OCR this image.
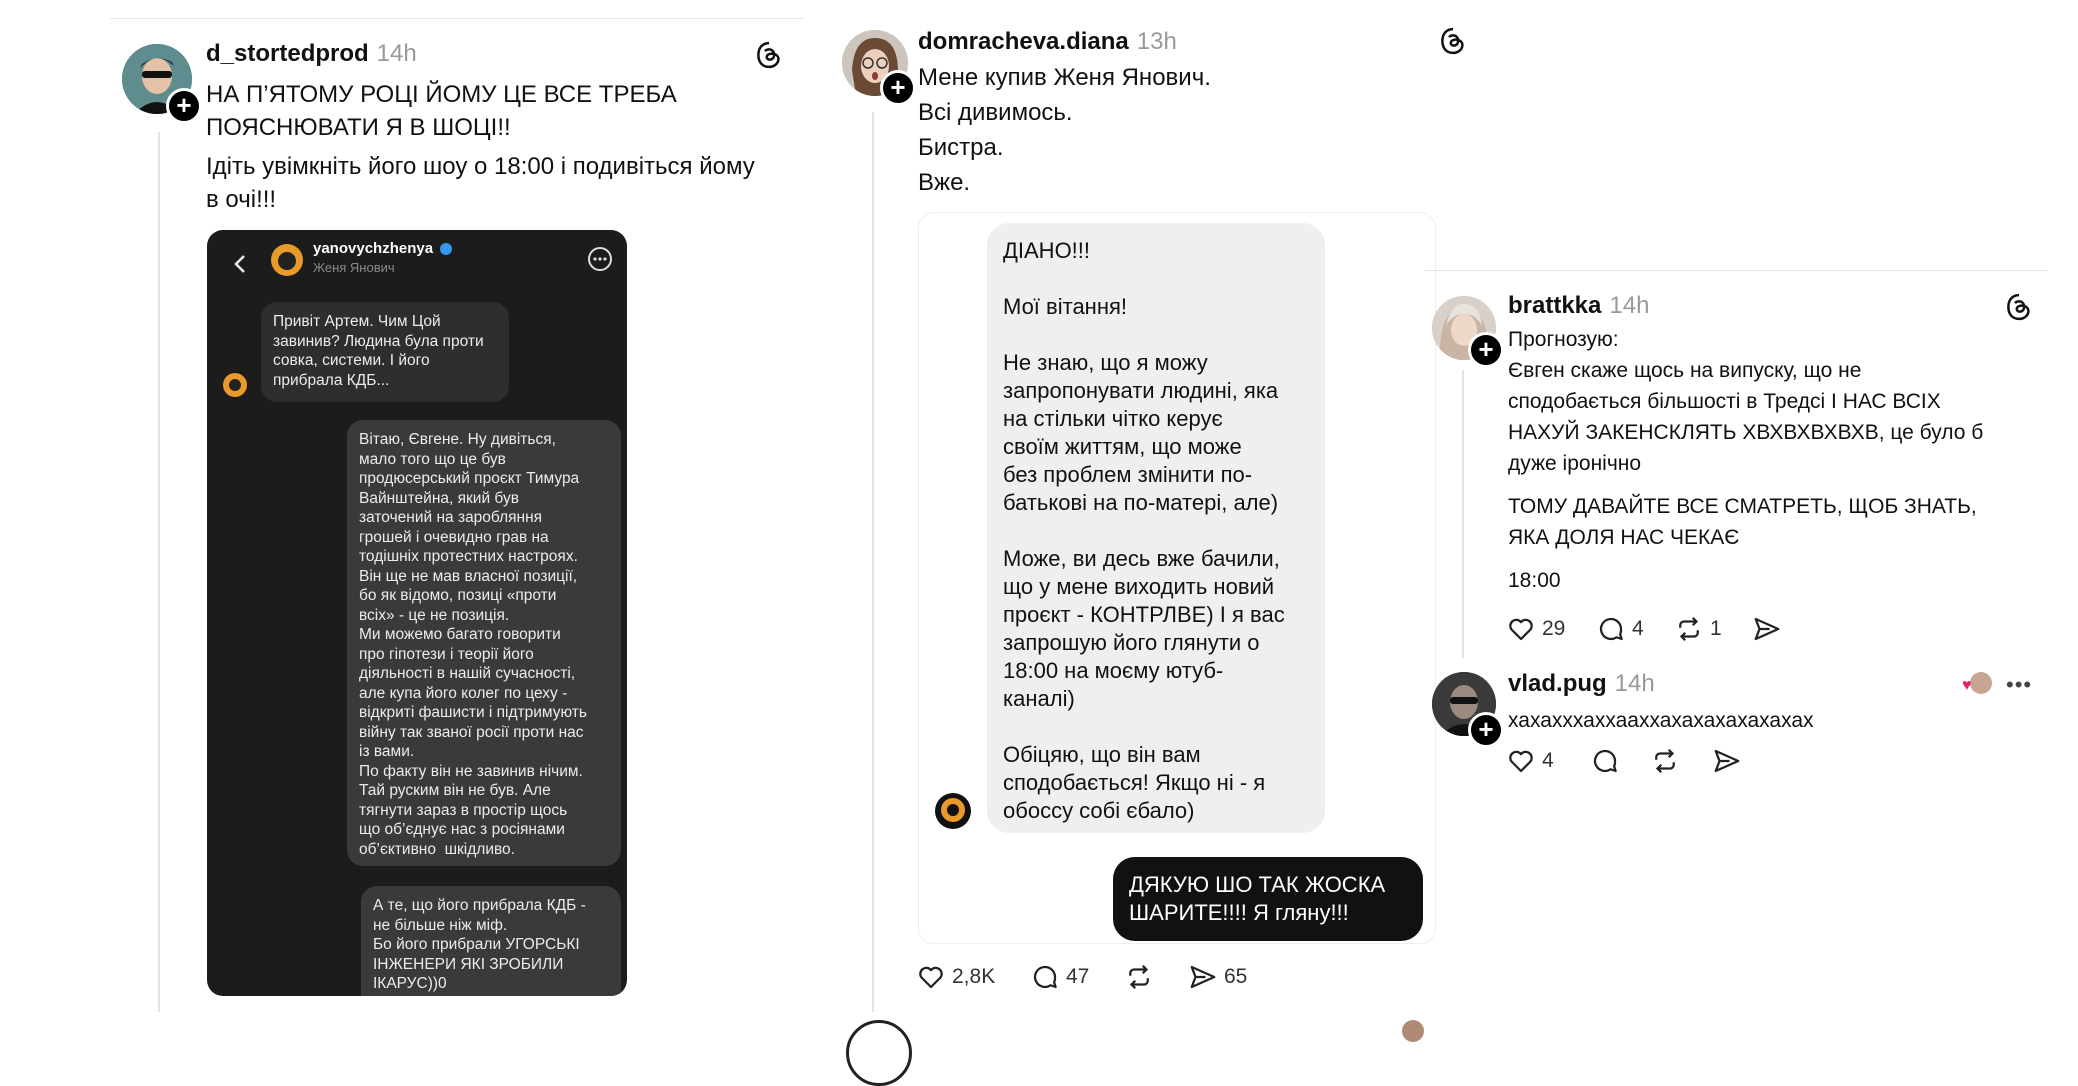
+
d_stortedprod 14h
НА П’ЯТОМУ РОЦІ ЙОМУ ЦЕ ВСЕ ТРЕБА
ПОЯСНЮВАТИ Я В ШОЦІ!!
Ідіть увімкніть його шоу о 18:00 і подивіться йому
в очі!!!
yanovychzhenya
Женя Янович
Привіт Артем. Чим Цой
завинив? Людина була проти
совка, системи. І його
прибрала КДБ...
Вітаю, Євгене. Ну дивіться,
мало того що це був
продюсерський проєкт Тимура
Вайнштейна, який був
заточений на заробляння
грошей і очевидно грав на
тодішніх протестних настроях.
Він ще не мав власної позиції,
бо як відомо, позиці «проти
всіх» - це не позиція.
Ми можемо багато говорити
про гіпотези і теорії його
діяльності в нашій сучасності,
але купа його колег по цеху -
відкриті фашисти і підтримують
війну так званої росії проти нас
із вами.
По факту він не завинив нічим.
Тай руским він не був. Але
тягнути зараз в простір щось
що об’єднує нас з росіянами
об’єктивно  шкідливо.
А те, що його прибрала КДБ -
не більше ніж міф.
Бо його прибрали УГОРСЬКІ
ІНЖЕНЕРИ ЯКІ ЗРОБИЛИ
ІКАРУС))0
+
domracheva.diana 13h
Мене купив Женя Янович.
Всі дивимось.
Бистра.
Вже.
ДІАНО!!!

Мої вітання!

Не знаю, що я можу
запропонувати людині, яка
на стільки чітко керує
своїм життям, що може
без проблем змінити по-
батькові на по-матері, але)

Може, ви десь вже бачили,
що у мене виходить новий
проєкт - КОНТРЛВЕ) І я вас
запрошую його глянути о
18:00 на моєму ютуб-
каналі)

Обіцяю, що він вам
сподобається! Якщо ні - я
обоссу собі єбало)
ДЯКУЮ ШО ТАК ЖОСКА
ШАРИТЕ!!!! Я гляну!!!
2,8K	47	65
+
brattkka 14h
Прогнозую:
Євген скаже щось на випуску, що не
сподобається більшості в Тредсі І НАС ВСІХ
НАХУЙ ЗАКЕНСКЛЯТЬ ХВХВХВХВХВ, це було б
дуже іронічно
ТОМУ ДАВАЙТЕ ВСЕ СМАТРЕТЬ, ЩОБ ЗНАТЬ,
ЯКА ДОЛЯ НАС ЧЕКАЄ
18:00
29	4	1
+
vlad.pug 14h	♥ •••
хахахххаххааххахахахахахахах
4
